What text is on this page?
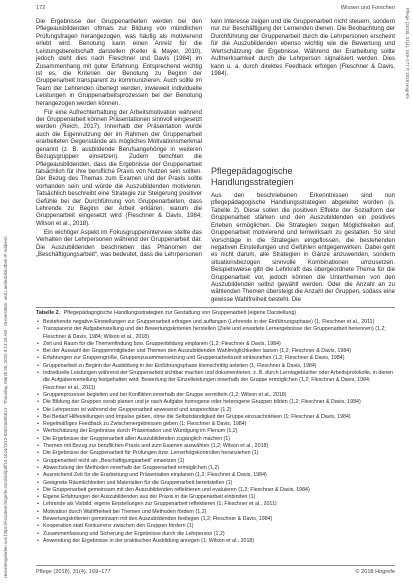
Heruntergeladen von https://econtent.hogrefe.com/doi/pdf/10.1024/1012-5302/a000614 - Thursday, March 05, 2020 9:14:28 AM - Universitäts- und Landesbibliothek IP Address:
Pflege (2018), 31(4), 169–177 © 2018 Hogrefe
172	Wissen und Forschen

Die Ergebnisse der Gruppenarbeiten werden bei den Pflegeausbildenden oftmals zur Bildung von mündlichen Prüfungsfragen herangezogen, was häufig als motivierend erlebt wird. Benotung kann einen Anreiz für die Leistungsbereitschaft darstellen (Keller & Mayer, 2010), jedoch steht dies nach Fleschner und Davis (1984) im Zusammenhang mit guter Erfahrung. Entsprechend wichtig ist es, die Kriterien der Benotung zu Beginn der Gruppenarbeit transparent zu kommunizieren. Auch sollte im Team der Lehrenden überlegt werden, inwieweit individuelle Leistungen in Gruppenarbeitsprozessen bei der Benotung herangezogen werden können.

Für eine Aufrechterhaltung der Arbeitsmotivation während der Gruppenarbeit können Präsentationen sinnvoll eingesetzt werden (Reich, 2017). Innerhalb der Präsentation wurde auch die Eigennutzung der im Rahmen der Gruppenarbeit erarbeiteten Gegenstände als mögliches Motivationsmerkmal genannt (z. B. ausbildende Berufsangehörige in weiteren Bezugsgruppen einsetzen). Zudem berichten die Pflegeausbildenden, dass die Ergebnisse der Gruppenarbeit tatsächlich für ihre berufliche Praxis von Nutzen sein sollten. Der Bezug des Themas zum Examen und der Praxis sollte vorhanden sein und würde die Auszubildenden motivieren. Tatsächlich beschreibt eine Strategie zur Steigerung positiver Gefühle bei der Durchführung von Gruppenarbeiten, dass Lehrende zu Beginn der Arbeit erklären, warum die Gruppenarbeit eingesetzt wird (Fleschner & Davis, 1984; Wilson et al., 2018).

Ein wichtiger Aspekt im Fokusgruppeninterview stellte das Verhalten der Lehrpersonen während der Gruppenarbeit dar. Die Auszubildenden beschrieben das Phänomen der „Beschäftigungsarbeit“, was bedeutet, dass die Lehrpersonen

kein Interesse zeigen und die Gruppenarbeit nicht steuern, sondern nur zur Beschäftigung der Lernenden dienen. Die Beobachtung der Durchführung der Gruppenarbeit durch die Lehrpersonen erscheint für die Auszubildenden ebenso wichtig wie die Bewertung und Wertschätzung der Ergebnisse. Während der Erarbeitung sollte Aufmerksamkeit durch die Lehrperson signalisiert werden. Dies kann u. a. durch direktes Feedback erfolgen (Fleschner & Davis, 1984).

Pflegepädagogische Handlungsstrategien

Aus den beschriebenen Erkenntnissen sind nun pflegepädagogische Handlungsstrategien abgeleitet worden (s. Tabelle 2). Diese sollen die positiven Effekte der Sozialform der Gruppenarbeit stärken und den Auszubildenden ein positives Erleben ermöglichen. Die Strategien zeigen Möglichkeiten auf, Gruppenarbeit motivierend und lernwirksam zu gestalten. So sind Vorschläge in die Strategien eingeflossen, die bestehenden negativen Einstellungen und Gefühlen entgegenwirken. Dabei geht es nicht darum, alle Strategien in Gänze anzuwenden, sondern situationsbezogen sinnvolle Kombinationen umzusetzen. Beispielsweise gibt die Lehrkraft das übergeordnete Thema für die Gruppenarbeit vor, jedoch können die Unterthemen von den Auszubildenden selbst gewählt werden. Oder die Anzahl an zu wählenden Themen übersteigt die Anzahl der Gruppen, sodass eine gewisse Wahlfreiheit besteht. Die

Tabelle 2. Pflegepädagogische Handlungsstrategien zur Gestaltung von Gruppenarbeit (eigene Darstellung)
• Bestehende negative Einstellungen zur Gruppenarbeit erfragen und auffangen (Lehrende in der Einführungsphase) (1; Fleschner et al., 2011)
• Transparenz der Aufgabenstellung und der Bewertungskriterien herstellen (Ziele und erwartete Lernergebnisse der Gruppenarbeit benennen) (1,2; Fleschner & Davis, 1984; Wilson et al., 2018)
• Zeit und Raum für die Themenfindung bzw. Gruppenbildung einplanen (1,2; Fleschner & Davis, 1984)
• Bei der Auswahl der Gruppenmitglieder und Themen den Auszubildenden Wahlmöglichkeiten lassen (1,2; Fleschner & Davis, 1984)
• Erfahrungen zur Gruppengröße, Gruppenzusammensetzung und Gruppenarbeitszeit einbeziehen (1,2; Fleschner & Davis, 1984)
• Gruppenarbeit zu Beginn der Ausbildung in der Einführungsphase kleinschrittig anleiten (1; Fleschner & Davis, 1984)
• Individuelle Leistungen während der Gruppenarbeit sichtbar machen und dokumentieren, z. B. durch Lerntagebücher oder Arbeitsprotokolle, in denen die Aufgabenverteilung festgehalten wird; Bewertung der Einzelleistungen innerhalb der Gruppe ermöglichen (1,2; Fleschner & Davis, 1984; Fleschner et al., 2011)
• Gruppenprozesse begleiten und bei Konflikten innerhalb der Gruppe vermitteln (1,2; Wilson et al., 2018)
• Die Bildung der Gruppen vorab planen und je nach Aufgabe homogene oder heterogene Gruppen bilden (1,2; Fleschner & Davis, 1984)
• Die Lehrperson ist während der Gruppenarbeit anwesend und ansprechbar (1,2)
• Bei Bedarf Hilfestellungen und Impulse geben, ohne die Selbstständigkeit der Gruppe einzuschränken (1; Fleschner & Davis, 1984)
• Regelmäßiges Feedback zu Zwischenergebnissen geben (1; Fleschner & Davis, 1984)
• Wertschätzung der Ergebnisse durch Präsentation und Würdigung im Plenum (1,2)
• Die Ergebnisse der Gruppenarbeit allen Auszubildenden zugänglich machen (1)
• Themen mit Bezug zur beruflichen Praxis und zum Examen auswählen (1,2; Wilson et al., 2018)
• Die Ergebnisse der Gruppenarbeit für Prüfungen bzw. Lernerfolgskontrollen heranziehen (1)
• Gruppenarbeit nicht als „Beschäftigungsarbeit“ einsetzen (1)
• Abwechslung der Methoden innerhalb der Gruppenarbeit ermöglichen (1,2)
• Ausreichend Zeit für die Erarbeitung und Präsentation einplanen (1,2; Fleschner & Davis, 1984)
• Geeignete Räumlichkeiten und Materialien für die Gruppenarbeit bereitstellen (1)
• Die Gruppenarbeit gemeinsam mit den Auszubildenden reflektieren und evaluieren (1,2; Fleschner & Davis, 1984)
• Eigene Erfahrungen der Auszubildenden aus der Praxis in die Gruppenarbeit einbinden (1)
• Lehrende als Vorbild: eigene Einstellungen zur Gruppenarbeit reflektieren (1; Fleschner et al., 2011)
• Motivation durch Wahlfreiheit bei Themen und Methoden fördern (1,2)
• Bewertungskriterien gemeinsam mit den Auszubildenden festlegen (1,2; Fleschner & Davis, 1984)
• Kooperation statt Konkurrenz zwischen den Gruppen fördern (1)
• Zusammenfassung und Sicherung der Ergebnisse durch die Lehrperson (1,2)
• Anwendung der Ergebnisse in der praktischen Ausbildung anregen (1; Wilson et al., 2018)
Pflege (2018), 31(4), 169–177	© 2018 Hogrefe
